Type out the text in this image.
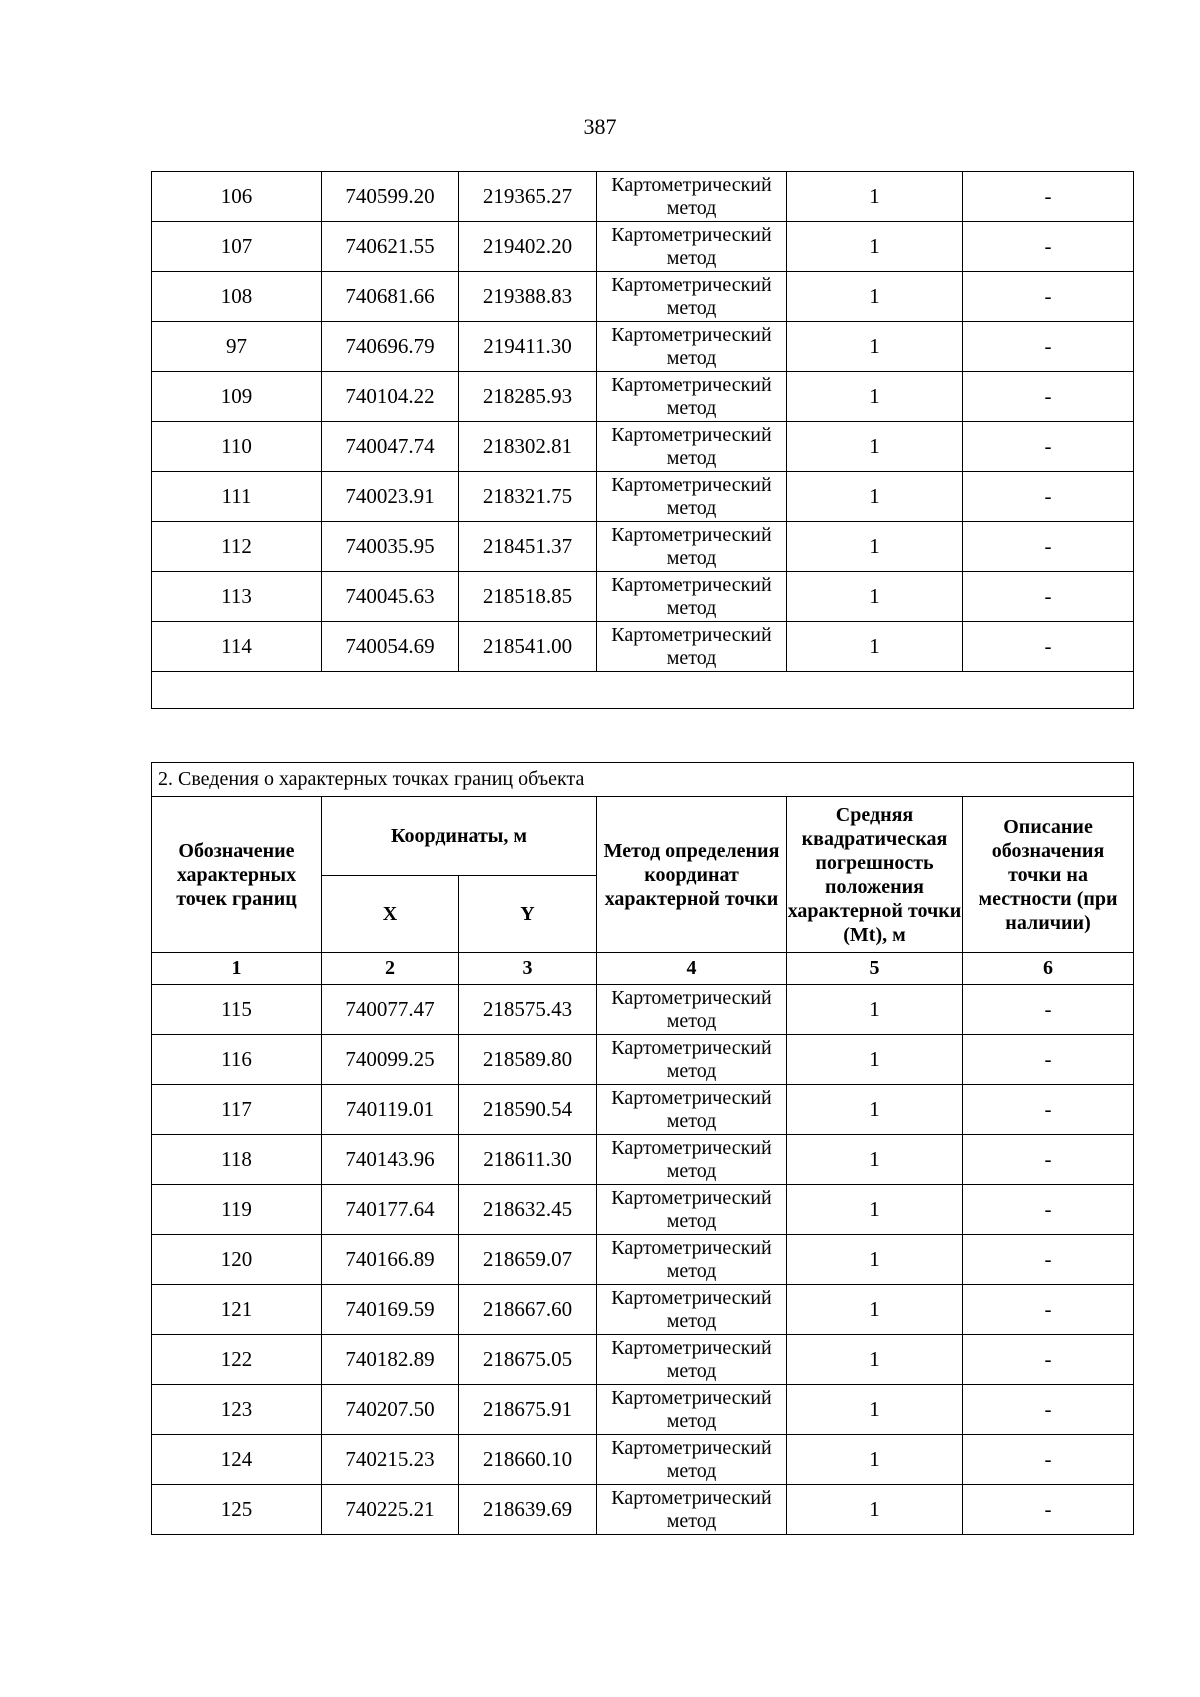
387
106	740599.20	219365.27	Картометрический метод	1	-
107	740621.55	219402.20	Картометрический метод	1	-
108	740681.66	219388.83	Картометрический метод	1	-
97	740696.79	219411.30	Картометрический метод	1	-
109	740104.22	218285.93	Картометрический метод	1	-
110	740047.74	218302.81	Картометрический метод	1	-
111	740023.91	218321.75	Картометрический метод	1	-
112	740035.95	218451.37	Картометрический метод	1	-
113	740045.63	218518.85	Картометрический метод	1	-
114	740054.69	218541.00	Картометрический метод	1	-

2. Сведения о характерных точках границ объекта					
Обозначение характерных точек границ	Координаты, м		Метод определения координат характерной точки	Средняя квадратическая погрешность положения характерной точки (Mt), м	Описание обозначения точки на местности (при наличии)
	X	Y			
1	2	3	4	5	6
115	740077.47	218575.43	Картометрический метод	1	-
116	740099.25	218589.80	Картометрический метод	1	-
117	740119.01	218590.54	Картометрический метод	1	-
118	740143.96	218611.30	Картометрический метод	1	-
119	740177.64	218632.45	Картометрический метод	1	-
120	740166.89	218659.07	Картометрический метод	1	-
121	740169.59	218667.60	Картометрический метод	1	-
122	740182.89	218675.05	Картометрический метод	1	-
123	740207.50	218675.91	Картометрический метод	1	-
124	740215.23	218660.10	Картометрический метод	1	-
125	740225.21	218639.69	Картометрический метод	1	-
